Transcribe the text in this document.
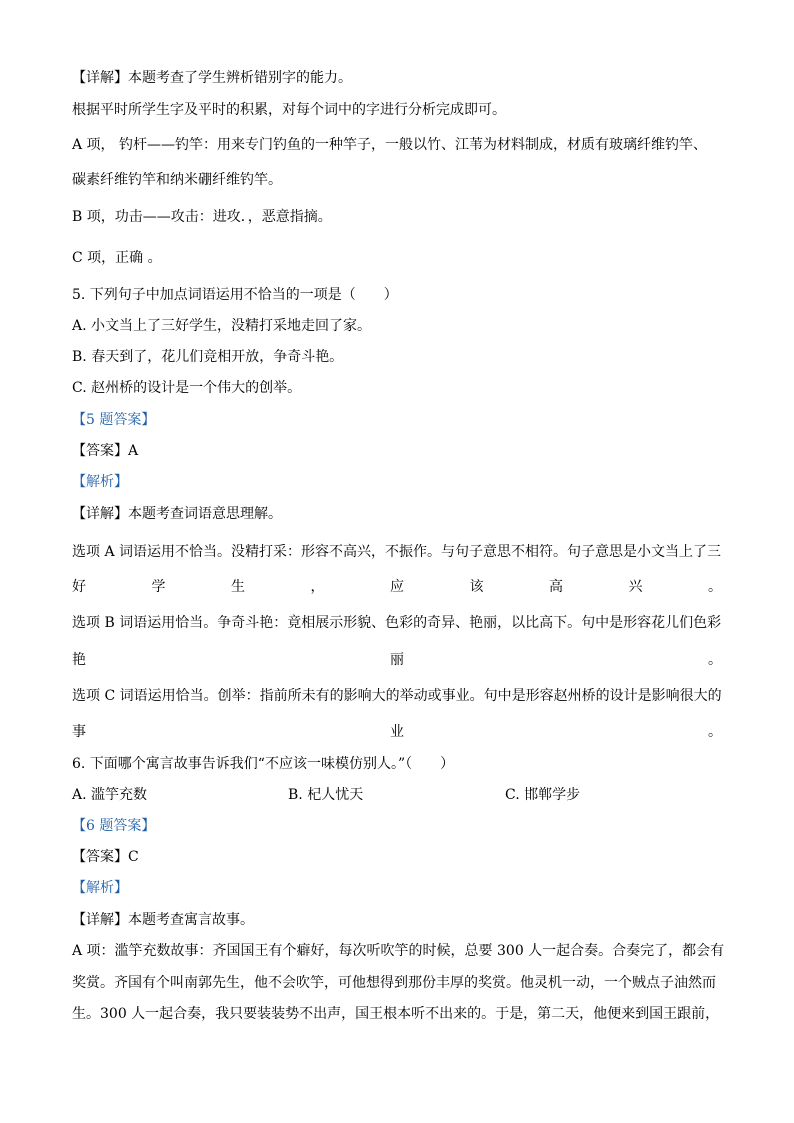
【详解】本题考查了学生辨析错别字的能力。
根据平时所学生字及平时的积累，对每个词中的字进行分析完成即可。
A 项， 钓杆——钓竿：用来专门钓鱼的一种竿子，一般以竹、江苇为材料制成，材质有玻璃纤维钓竿、
碳素纤维钓竿和纳米硼纤维钓竿。
B 项，功击——攻击：进攻．，恶意指摘。
C 项，正确 。
5. 下列句子中加点词语运用不恰当的一项是（　　）
A. 小文当上了三好学生，没精打采地走回了家。
B. 春天到了，花儿们竞相开放，争奇斗艳。
C. 赵州桥的设计是一个伟大的创举。
【5 题答案】
【答案】A
【解析】
【详解】本题考查词语意思理解。
选项 A 词语运用不恰当。没精打采：形容不高兴，不振作。与句子意思不相符。句子意思是小文当上了三
好	学	生	，	应	该	高	兴	。
选项 B 词语运用恰当。争奇斗艳：竟相展示形貌、色彩的奇异、艳丽，以比高下。句中是形容花儿们色彩
艳	丽	。
选项 C 词语运用恰当。创举：指前所未有的影响大的举动或事业。句中是形容赵州桥的设计是影响很大的
事	业	。
6. 下面哪个寓言故事告诉我们“不应该一味模仿别人。”（　　）
A. 滥竽充数	B. 杞人忧天	C. 邯郸学步
【6 题答案】
【答案】C
【解析】
【详解】本题考查寓言故事。
A 项：滥竽充数故事：齐国国王有个癖好，每次听吹竽的时候，总要 300 人一起合奏。合奏完了，都会有
奖赏。齐国有个叫南郭先生，他不会吹竽，可他想得到那份丰厚的奖赏。他灵机一动，一个贼点子油然而
生。300 人一起合奏，我只要装装势不出声，国王根本听不出来的。于是，第二天，他便来到国王跟前，
